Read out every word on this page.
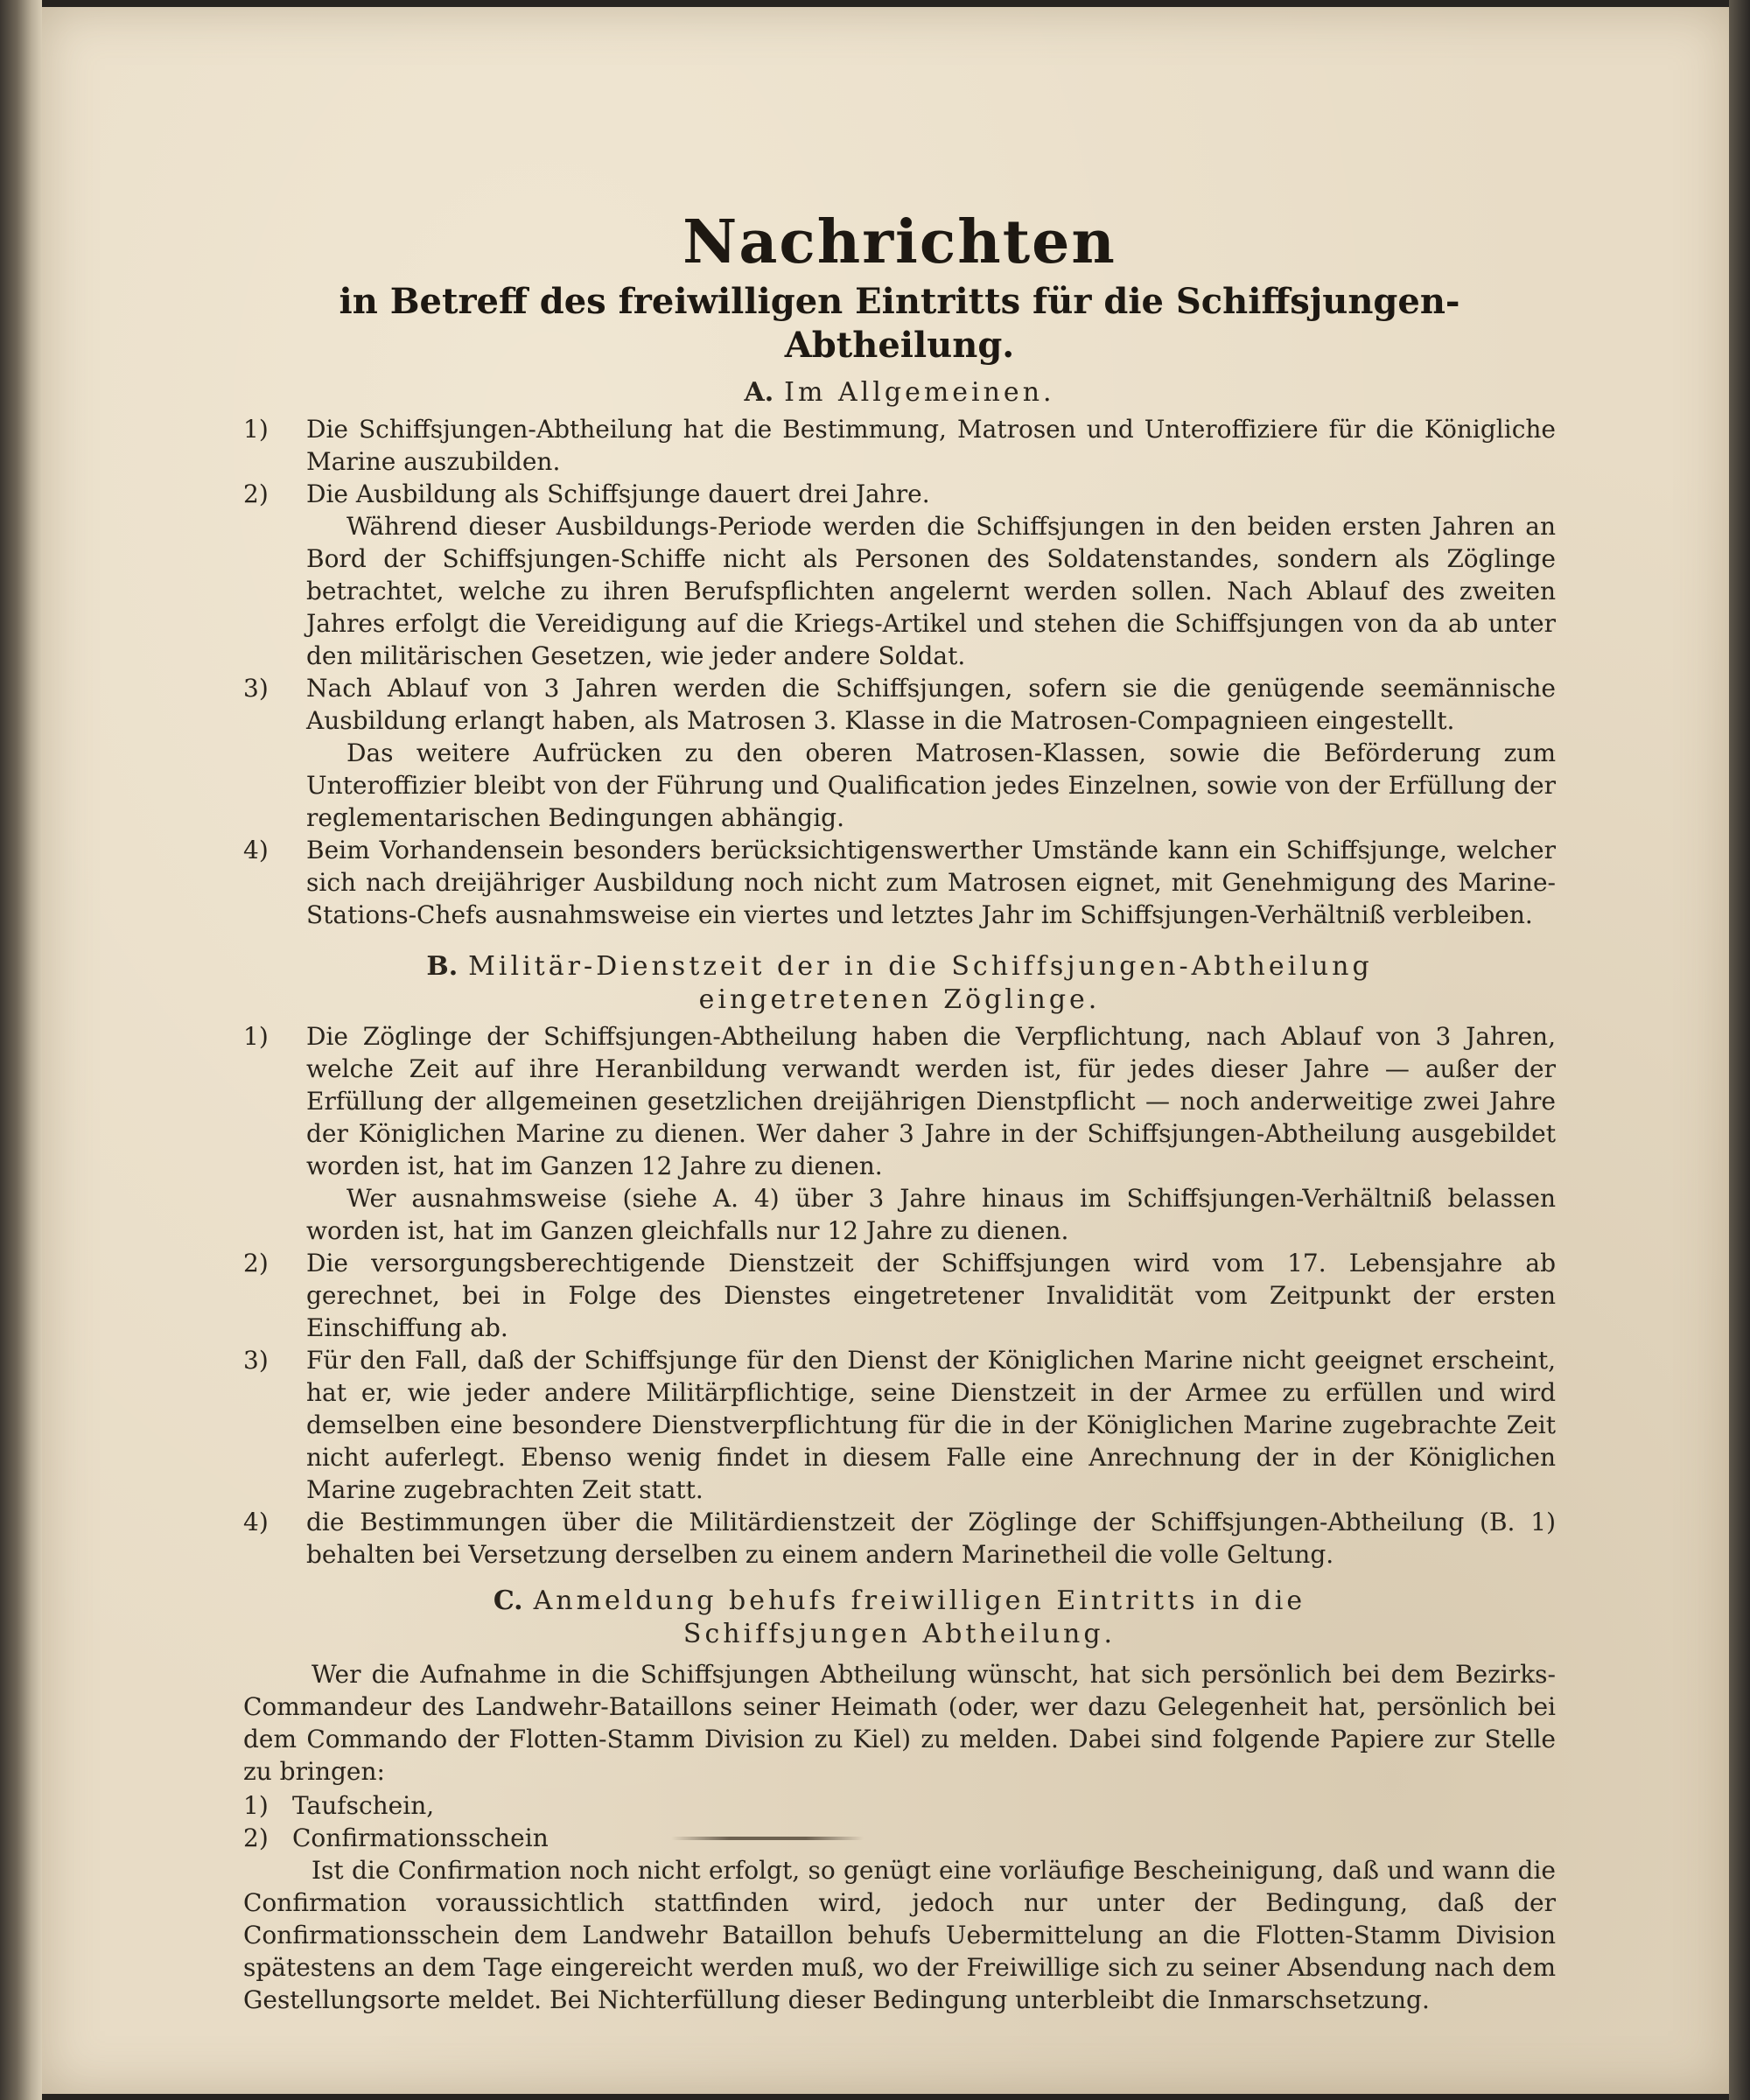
Nachrichten
in Betreff des freiwilligen Eintritts für die Schiffsjungen-Abtheilung.
A. Im Allgemeinen.
1)	Die Schiffsjungen-Abtheilung hat die Bestimmung, Matrosen und Unteroffiziere für die Königliche Marine auszubilden.
2)	Die Ausbildung als Schiffsjunge dauert drei Jahre.
Während dieser Ausbildungs-Periode werden die Schiffsjungen in den beiden ersten Jahren an Bord der Schiffsjungen-Schiffe nicht als Personen des Soldatenstandes, sondern als Zöglinge betrachtet, welche zu ihren Berufspflichten angelernt werden sollen. Nach Ablauf des zweiten Jahres erfolgt die Vereidigung auf die Kriegs-Artikel und stehen die Schiffsjungen von da ab unter den militärischen Gesetzen, wie jeder andere Soldat.
3)	Nach Ablauf von 3 Jahren werden die Schiffsjungen, sofern sie die genügende seemännische Ausbildung erlangt haben, als Matrosen 3. Klasse in die Matrosen-Compagnieen eingestellt.
Das weitere Aufrücken zu den oberen Matrosen-Klassen, sowie die Beförderung zum Unteroffizier bleibt von der Führung und Qualification jedes Einzelnen, sowie von der Erfüllung der reglementarischen Bedingungen abhängig.
4)	Beim Vorhandensein besonders berücksichtigenswerther Umstände kann ein Schiffsjunge, welcher sich nach dreijähriger Ausbildung noch nicht zum Matrosen eignet, mit Genehmigung des Marine-Stations-Chefs ausnahmsweise ein viertes und letztes Jahr im Schiffsjungen-Verhältniß verbleiben.
B. Militär-Dienstzeit der in die Schiffsjungen-Abtheilung
eingetretenen Zöglinge.
1)	Die Zöglinge der Schiffsjungen-Abtheilung haben die Verpflichtung, nach Ablauf von 3 Jahren, welche Zeit auf ihre Heranbildung verwandt werden ist, für jedes dieser Jahre — außer der Erfüllung der allgemeinen gesetzlichen dreijährigen Dienstpflicht — noch anderweitige zwei Jahre der Königlichen Marine zu dienen. Wer daher 3 Jahre in der Schiffsjungen-Abtheilung ausgebildet worden ist, hat im Ganzen 12 Jahre zu dienen.
Wer ausnahmsweise (siehe A. 4) über 3 Jahre hinaus im Schiffsjungen-Verhältniß belassen worden ist, hat im Ganzen gleichfalls nur 12 Jahre zu dienen.
2)	Die versorgungsberechtigende Dienstzeit der Schiffsjungen wird vom 17. Lebensjahre ab gerechnet, bei in Folge des Dienstes eingetretener Invalidität vom Zeitpunkt der ersten Einschiffung ab.
3)	Für den Fall, daß der Schiffsjunge für den Dienst der Königlichen Marine nicht geeignet erscheint, hat er, wie jeder andere Militärpflichtige, seine Dienstzeit in der Armee zu erfüllen und wird demselben eine besondere Dienstverpflichtung für die in der Königlichen Marine zugebrachte Zeit nicht auferlegt. Ebenso wenig findet in diesem Falle eine Anrechnung der in der Königlichen Marine zugebrachten Zeit statt.
4)	die Bestimmungen über die Militärdienstzeit der Zöglinge der Schiffsjungen-Abtheilung (B. 1) behalten bei Versetzung derselben zu einem andern Marinetheil die volle Geltung.
C. Anmeldung behufs freiwilligen Eintritts in die
Schiffsjungen Abtheilung.
Wer die Aufnahme in die Schiffsjungen Abtheilung wünscht, hat sich persönlich bei dem Bezirks-Commandeur des Landwehr-Bataillons seiner Heimath (oder, wer dazu Gelegenheit hat, persönlich bei dem Commando der Flotten-Stamm Division zu Kiel) zu melden. Dabei sind folgende Papiere zur Stelle zu bringen:
1) Taufschein,
2) Confirmationsschein
Ist die Confirmation noch nicht erfolgt, so genügt eine vorläufige Bescheinigung, daß und wann die Confirmation voraussichtlich stattfinden wird, jedoch nur unter der Bedingung, daß der Confirmationsschein dem Landwehr Bataillon behufs Uebermittelung an die Flotten-Stamm Division spätestens an dem Tage eingereicht werden muß, wo der Freiwillige sich zu seiner Absendung nach dem Gestellungsorte meldet. Bei Nichterfüllung dieser Bedingung unterbleibt die Inmarschsetzung.
